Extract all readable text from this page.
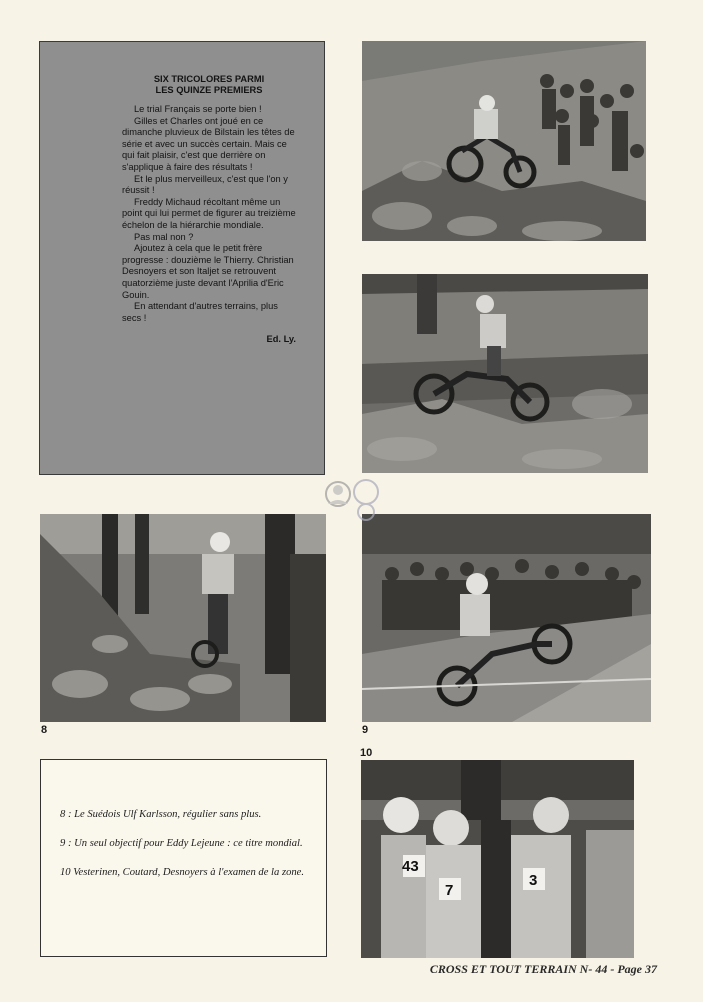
SIX TRICOLORES PARMI
LES QUINZE PREMIERS

Le trial Français se porte bien !

Gilles et Charles ont joué en ce dimanche pluvieux de Bilstain les têtes de série et avec un succès certain. Mais ce qui fait plaisir, c'est que derrière on s'applique à faire des résultats !

Et le plus merveilleux, c'est que l'on y réussit !

Freddy Michaud récoltant même un point qui lui permet de figurer au treizième échelon de la hiérarchie mondiale.

Pas mal non ?

Ajoutez à cela que le petit frère progresse : douzième le Thierry. Christian Desnoyers et son Italjet se retrouvent quatorzième juste devant l'Aprilia d'Eric Gouin.

En attendant d'autres terrains, plus secs !

Ed. Ly.

43
7
3
8	9
10
8 : Le Suédois Ulf Karlsson, régulier sans plus.
9 : Un seul objectif pour Eddy Lejeune : ce titre mondial.
10 Vesterinen, Coutard, Desnoyers à l'examen de la zone.
CROSS ET TOUT TERRAIN N- 44 - Page 37
